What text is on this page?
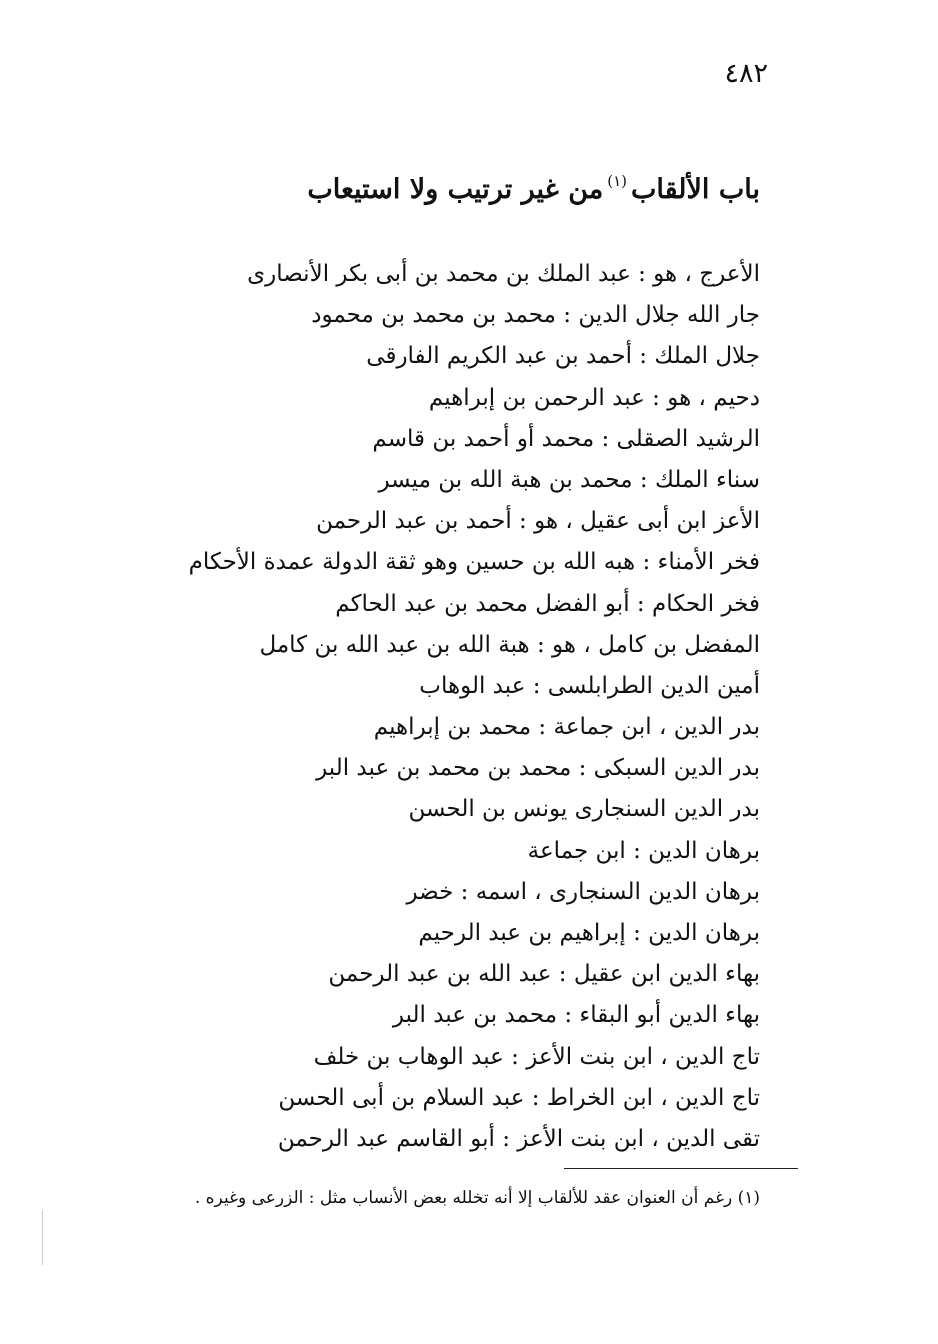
٤٨٢
باب الألقاب$^{(١)}$من غير ترتيب ولا استيعاب
الأعرج ، هو : عبد الملك بن محمد بن أبى بكر الأنصارى
جار الله جلال الدين : محمد بن محمد بن محمود
جلال الملك : أحمد بن عبد الكريم الفارقى
دحيم ، هو : عبد الرحمن بن إبراهيم
الرشيد الصقلى : محمد أو أحمد بن قاسم
سناء الملك : محمد بن هبة الله بن ميسر
الأعز ابن أبى عقيل ، هو : أحمد بن عبد الرحمن
فخر الأمناء : هبه الله بن حسين وهو ثقة الدولة عمدة الأحكام
فخر الحكام : أبو الفضل محمد بن عبد الحاكم
المفضل بن كامل ، هو : هبة الله بن عبد الله بن كامل
أمين الدين الطرابلسى : عبد الوهاب
بدر الدين ، ابن جماعة : محمد بن إبراهيم
بدر الدين السبكى : محمد بن محمد بن عبد البر
بدر الدين السنجارى يونس بن الحسن
برهان الدين : ابن جماعة
برهان الدين السنجارى ، اسمه : خضر
برهان الدين : إبراهيم بن عبد الرحيم
بهاء الدين ابن عقيل : عبد الله بن عبد الرحمن
بهاء الدين أبو البقاء : محمد بن عبد البر
تاج الدين ، ابن بنت الأعز : عبد الوهاب بن خلف
تاج الدين ، ابن الخراط : عبد السلام بن أبى الحسن
تقى الدين ، ابن بنت الأعز : أبو القاسم عبد الرحمن
(١) رغم أن العنوان عقد للألقاب إلا أنه تخلله بعض الأنساب مثل : الزرعى وغيره .
